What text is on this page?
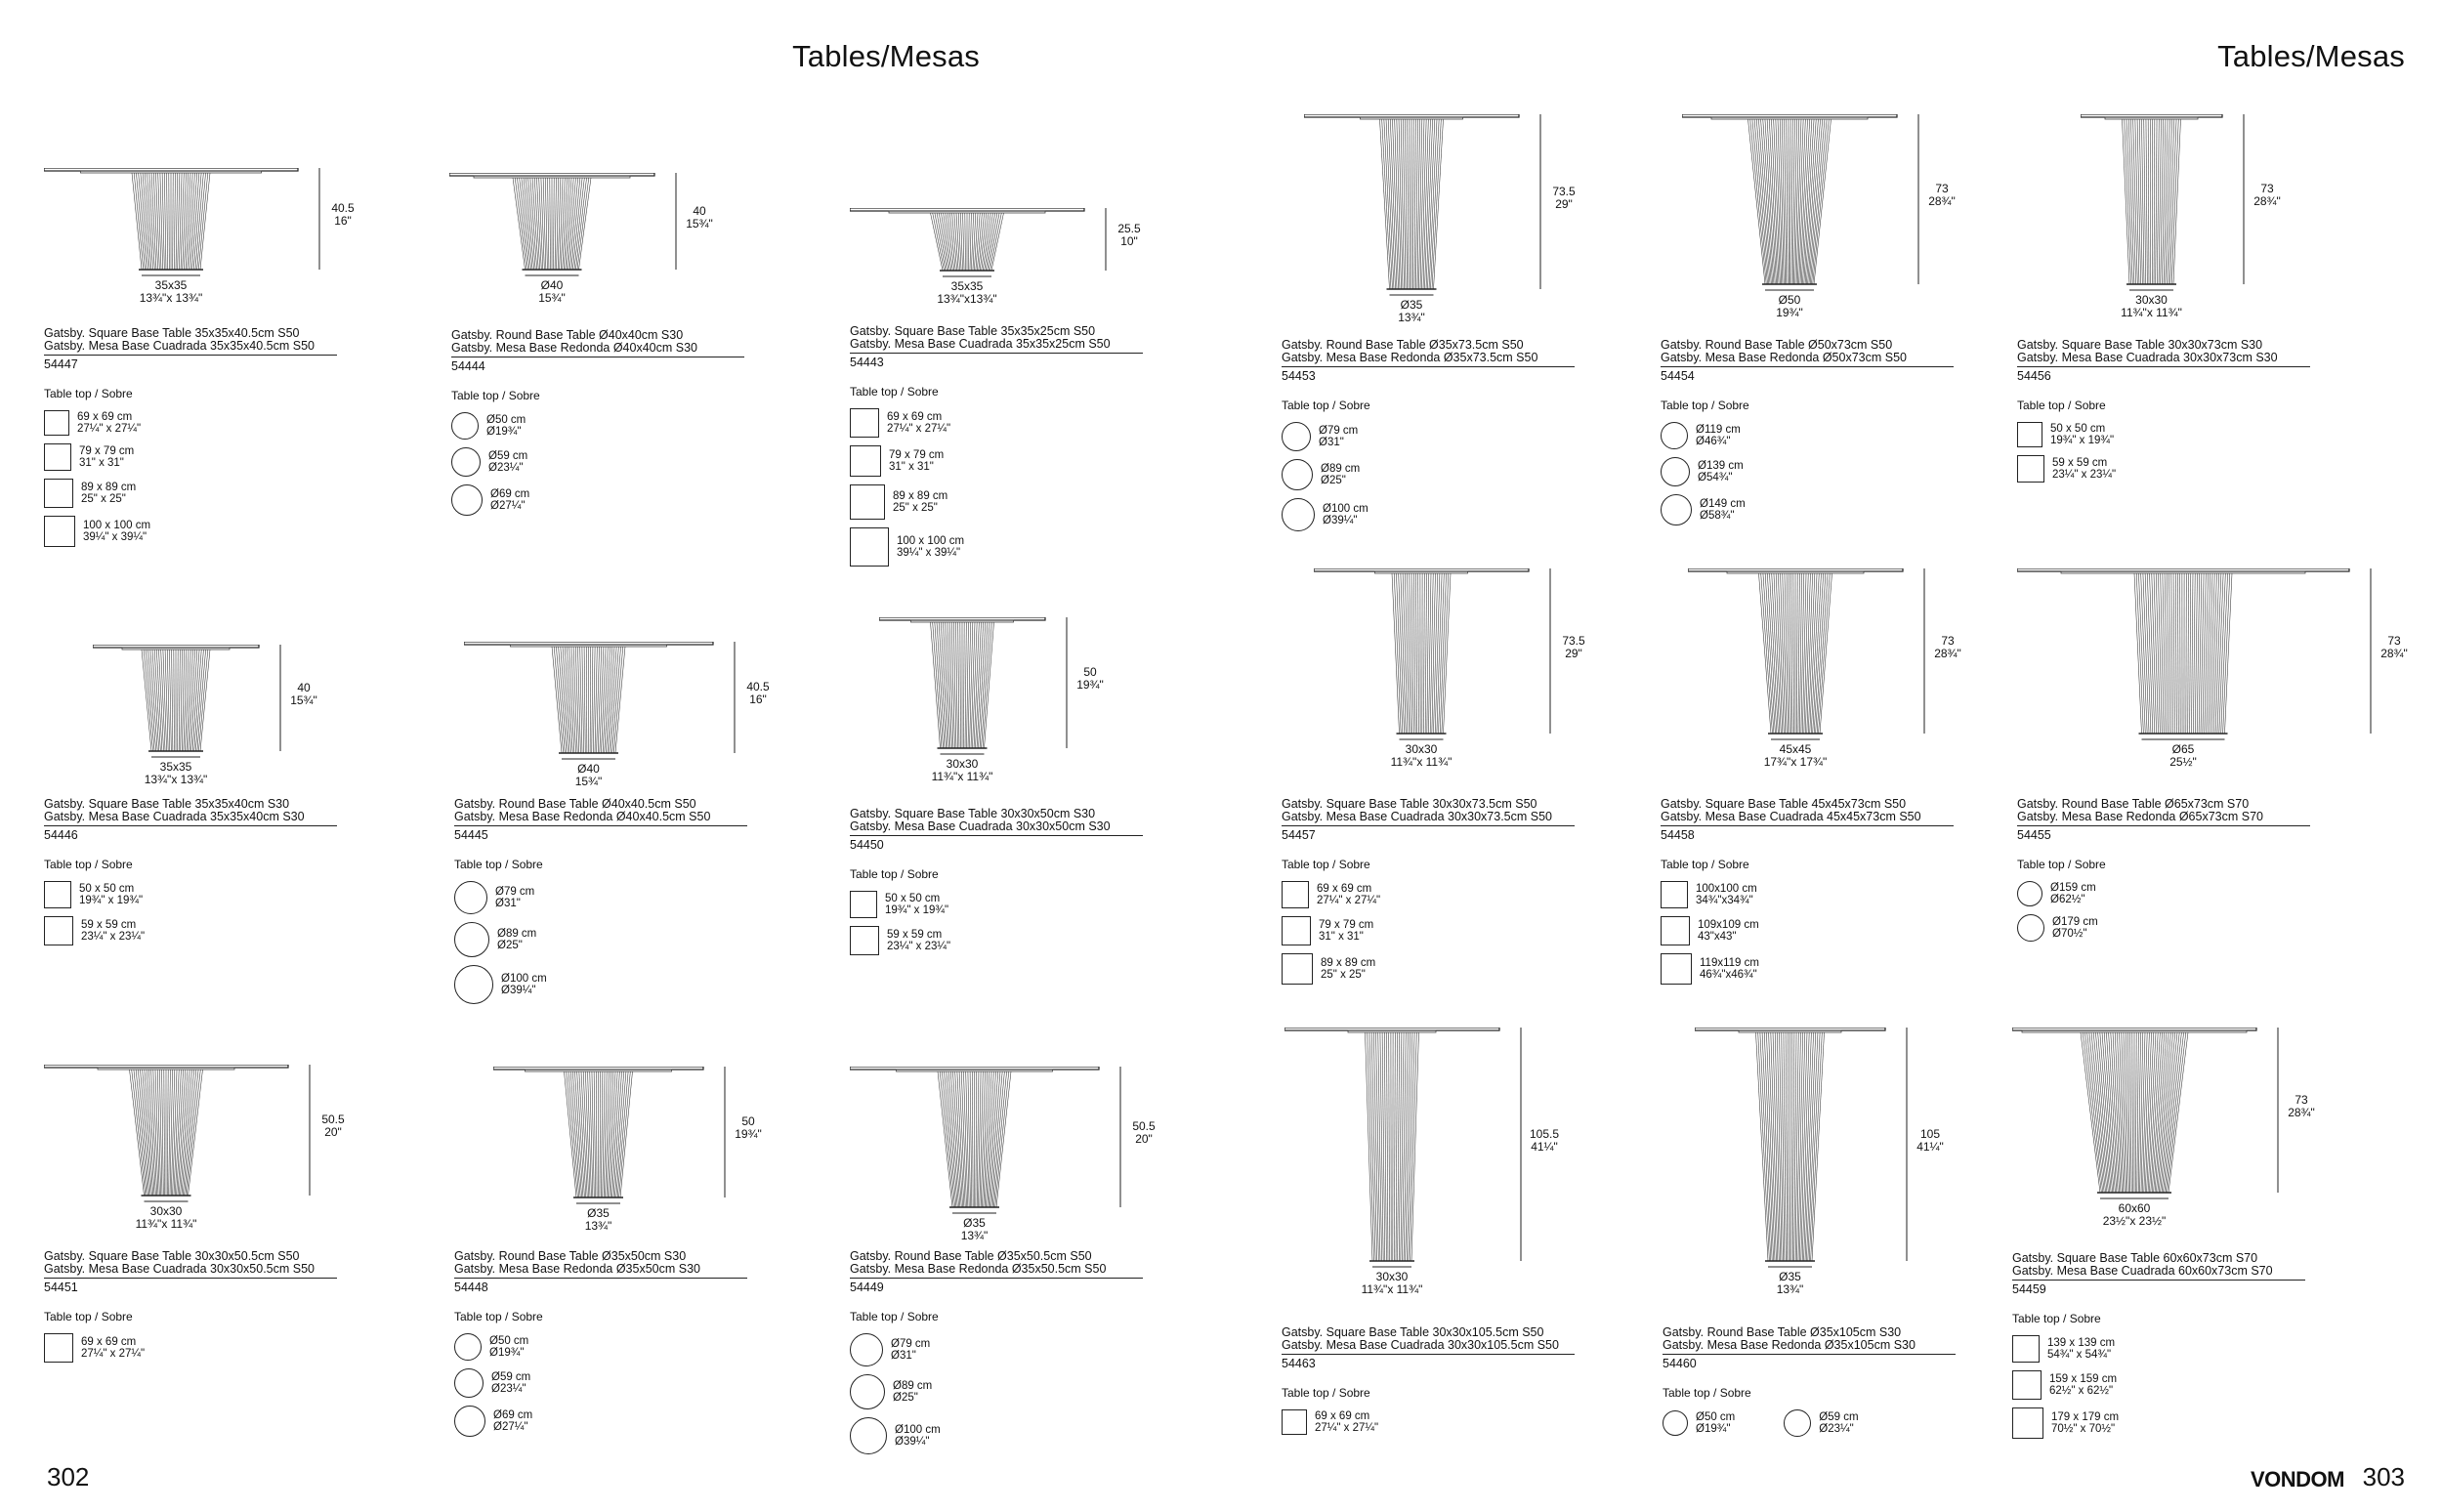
Tables/Mesas
302
Tables/Mesas
VONDOM 303
40.5
16"
35x35
13¾"x 13¾"
Gatsby. Square Base Table 35x35x40.5cm S50
Gatsby. Mesa Base Cuadrada 35x35x40.5cm S50
54447
Table top / Sobre
69 x 69 cm
27¼" x 27¼"
79 x 79 cm
31" x 31"
89 x 89 cm
25" x 25"
100 x 100 cm
39¼" x 39¼"
40
15¾"
Ø40
15¾"
Gatsby. Round Base Table Ø40x40cm S30
Gatsby. Mesa Base Redonda Ø40x40cm S30
54444
Table top / Sobre
Ø50 cm
Ø19¾"
Ø59 cm
Ø23¼"
Ø69 cm
Ø27¼"
25.5
10"
35x35
13¾"x13¾"
Gatsby. Square Base Table 35x35x25cm S50
Gatsby. Mesa Base Cuadrada 35x35x25cm S50
54443
Table top / Sobre
69 x 69 cm
27¼" x 27¼"
79 x 79 cm
31" x 31"
89 x 89 cm
25" x 25"
100 x 100 cm
39¼" x 39¼"
40
15¾"
35x35
13¾"x 13¾"
Gatsby. Square Base Table 35x35x40cm S30
Gatsby. Mesa Base Cuadrada 35x35x40cm S30
54446
Table top / Sobre
50 x 50 cm
19¾" x 19¾"
59 x 59 cm
23¼" x 23¼"
40.5
16"
Ø40
15¾"
Gatsby. Round Base Table Ø40x40.5cm S50
Gatsby. Mesa Base Redonda Ø40x40.5cm S50
54445
Table top / Sobre
Ø79 cm
Ø31"
Ø89 cm
Ø25"
Ø100 cm
Ø39¼"
50
19¾"
30x30
11¾"x 11¾"
Gatsby. Square Base Table 30x30x50cm S30
Gatsby. Mesa Base Cuadrada 30x30x50cm S30
54450
Table top / Sobre
50 x 50 cm
19¾" x 19¾"
59 x 59 cm
23¼" x 23¼"
50.5
20"
30x30
11¾"x 11¾"
Gatsby. Square Base Table 30x30x50.5cm S50
Gatsby. Mesa Base Cuadrada 30x30x50.5cm S50
54451
Table top / Sobre
69 x 69 cm
27¼" x 27¼"
50
19¾"
Ø35
13¾"
Gatsby. Round Base Table Ø35x50cm S30
Gatsby. Mesa Base Redonda Ø35x50cm S30
54448
Table top / Sobre
Ø50 cm
Ø19¾"
Ø59 cm
Ø23¼"
Ø69 cm
Ø27¼"
50.5
20"
Ø35
13¾"
Gatsby. Round Base Table Ø35x50.5cm S50
Gatsby. Mesa Base Redonda Ø35x50.5cm S50
54449
Table top / Sobre
Ø79 cm
Ø31"
Ø89 cm
Ø25"
Ø100 cm
Ø39¼"
73.5
29"
Ø35
13¾"
Gatsby. Round Base Table Ø35x73.5cm S50
Gatsby. Mesa Base Redonda Ø35x73.5cm S50
54453
Table top / Sobre
Ø79 cm
Ø31"
Ø89 cm
Ø25"
Ø100 cm
Ø39¼"
73
28¾"
Ø50
19¾"
Gatsby. Round Base Table Ø50x73cm S50
Gatsby. Mesa Base Redonda Ø50x73cm S50
54454
Table top / Sobre
Ø119 cm
Ø46¾"
Ø139 cm
Ø54¾"
Ø149 cm
Ø58¾"
73
28¾"
30x30
11¾"x 11¾"
Gatsby. Square Base Table 30x30x73cm S30
Gatsby. Mesa Base Cuadrada 30x30x73cm S30
54456
Table top / Sobre
50 x 50 cm
19¾" x 19¾"
59 x 59 cm
23¼" x 23¼"
73.5
29"
30x30
11¾"x 11¾"
Gatsby. Square Base Table 30x30x73.5cm S50
Gatsby. Mesa Base Cuadrada 30x30x73.5cm S50
54457
Table top / Sobre
69 x 69 cm
27¼" x 27¼"
79 x 79 cm
31" x 31"
89 x 89 cm
25" x 25"
73
28¾"
45x45
17¾"x 17¾"
Gatsby. Square Base Table 45x45x73cm S50
Gatsby. Mesa Base Cuadrada 45x45x73cm S50
54458
Table top / Sobre
100x100 cm
34¾"x34¾"
109x109 cm
43"x43"
119x119 cm
46¾"x46¾"
73
28¾"
Ø65
25½"
Gatsby. Round Base Table Ø65x73cm S70
Gatsby. Mesa Base Redonda Ø65x73cm S70
54455
Table top / Sobre
Ø159 cm
Ø62½"
Ø179 cm
Ø70½"
105.5
41¼"
30x30
11¾"x 11¾"
Gatsby. Square Base Table 30x30x105.5cm S50
Gatsby. Mesa Base Cuadrada 30x30x105.5cm S50
54463
Table top / Sobre
69 x 69 cm
27¼" x 27¼"
105
41¼"
Ø35
13¾"
Gatsby. Round Base Table Ø35x105cm S30
Gatsby. Mesa Base Redonda Ø35x105cm S30
54460
Table top / Sobre
Ø50 cm
Ø19¾"
Ø59 cm
Ø23¼"
73
28¾"
60x60
23½"x 23½"
Gatsby. Square Base Table 60x60x73cm S70
Gatsby. Mesa Base Cuadrada 60x60x73cm S70
54459
Table top / Sobre
139 x 139 cm
54¾" x 54¾"
159 x 159 cm
62½" x 62½"
179 x 179 cm
70½" x 70½"
